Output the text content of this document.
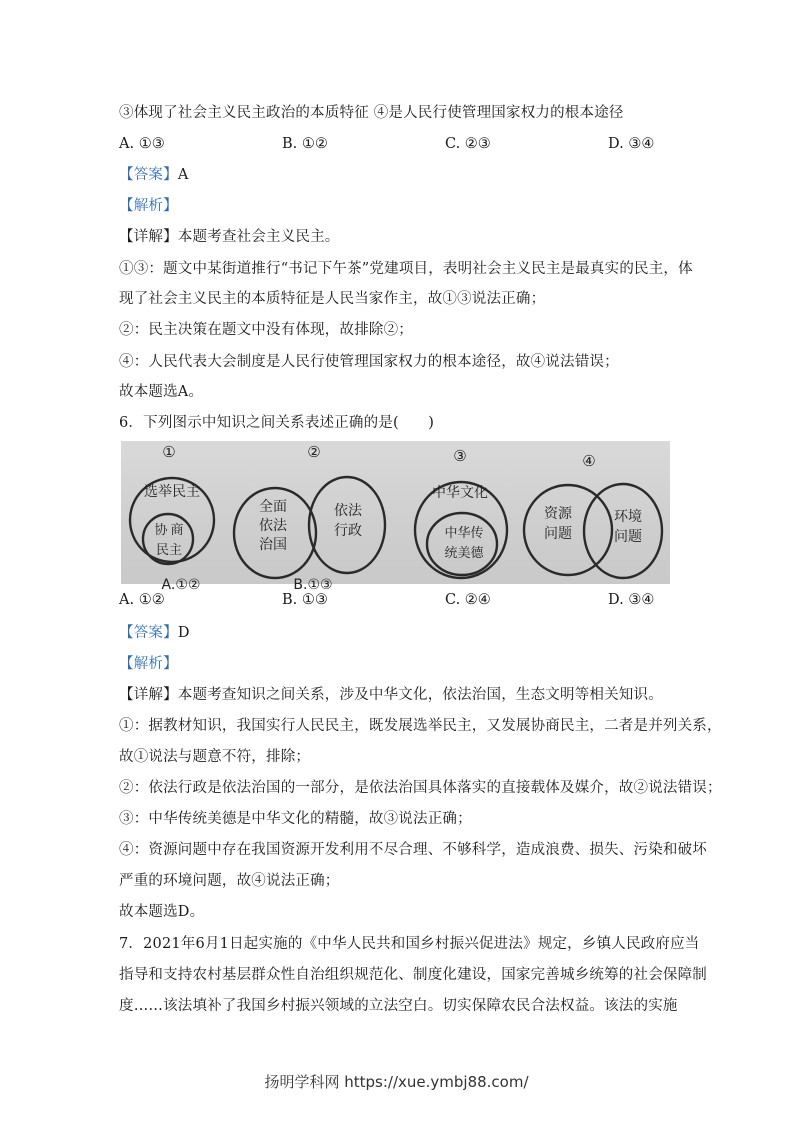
③体现了社会主义民主政治的本质特征 ④是人民行使管理国家权力的根本途径
A. ①③	B. ①②	C. ②③	D. ③④
【答案】A
【解析】
【详解】本题考查社会主义民主。
①③：题文中某街道推行“书记下午茶”党建项目，表明社会主义民主是最真实的民主，体
现了社会主义民主的本质特征是人民当家作主，故①③说法正确；
②：民主决策在题文中没有体现，故排除②；
④：人民代表大会制度是人民行使管理国家权力的根本途径，故④说法错误；
故本题选A。
6．下列图示中知识之间关系表述正确的是(　　)
①
选举民主
协 商
民主
A.①②
②
全面
依法
治国
依法
行政
B.①③
③
中华文化
中华传
统美德
④
资源
问题
环境
问题
A. ①②	B. ①③	C. ②④	D. ③④
【答案】D
【解析】
【详解】本题考查知识之间关系，涉及中华文化，依法治国，生态文明等相关知识。
①：据教材知识，我国实行人民民主，既发展选举民主，又发展协商民主，二者是并列关系，
故①说法与题意不符，排除；
②：依法行政是依法治国的一部分，是依法治国具体落实的直接载体及媒介，故②说法错误；
③：中华传统美德是中华文化的精髓，故③说法正确；
④：资源问题中存在我国资源开发利用不尽合理、不够科学，造成浪费、损失、污染和破坏
严重的环境问题，故④说法正确；
故本题选D。
7．2021年6月1日起实施的《中华人民共和国乡村振兴促进法》规定，乡镇人民政府应当
指导和支持农村基层群众性自治组织规范化、制度化建设，国家完善城乡统筹的社会保障制
度……该法填补了我国乡村振兴领域的立法空白。切实保障农民合法权益。该法的实施
扬明学科网 https://xue.ymbj88.com/
